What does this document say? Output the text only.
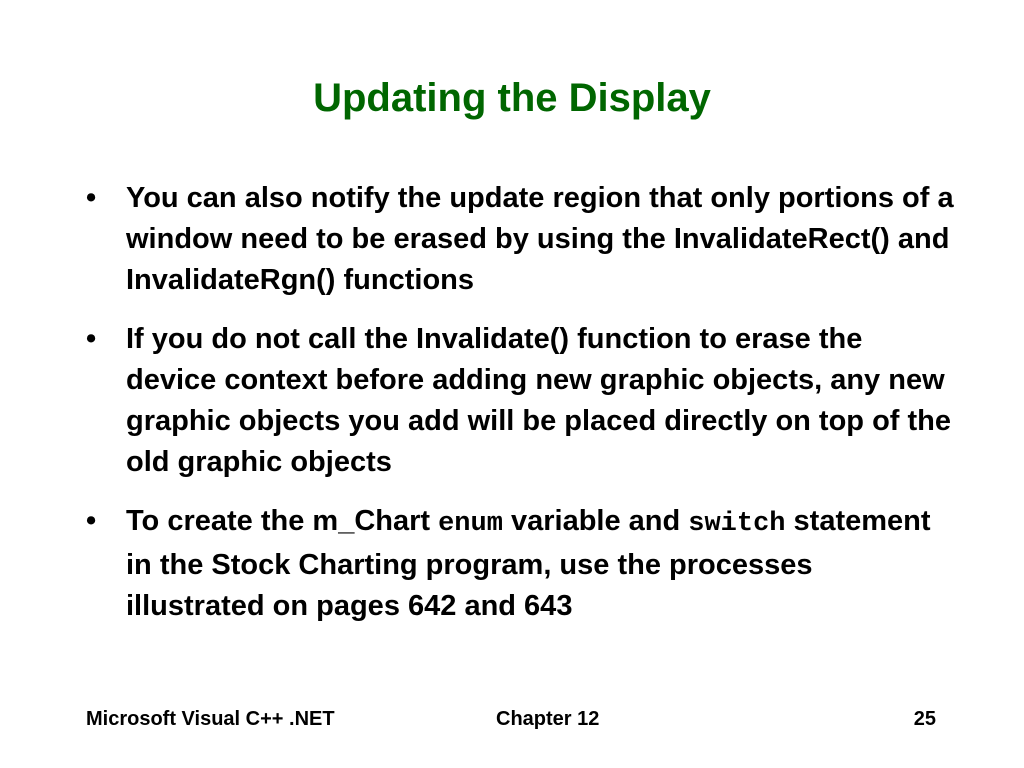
Updating the Display
•	You can also notify the update region that only portions of a window need to be erased by using the InvalidateRect() and InvalidateRgn() functions
•	If you do not call the Invalidate() function to erase the device context before adding new graphic objects, any new graphic objects you add will be placed directly on top of the old graphic objects
•	To create the m_Chart enum variable and switch statement in the Stock Charting program, use the processes illustrated on pages 642 and 643
Microsoft Visual C++ .NET	Chapter 12	25
